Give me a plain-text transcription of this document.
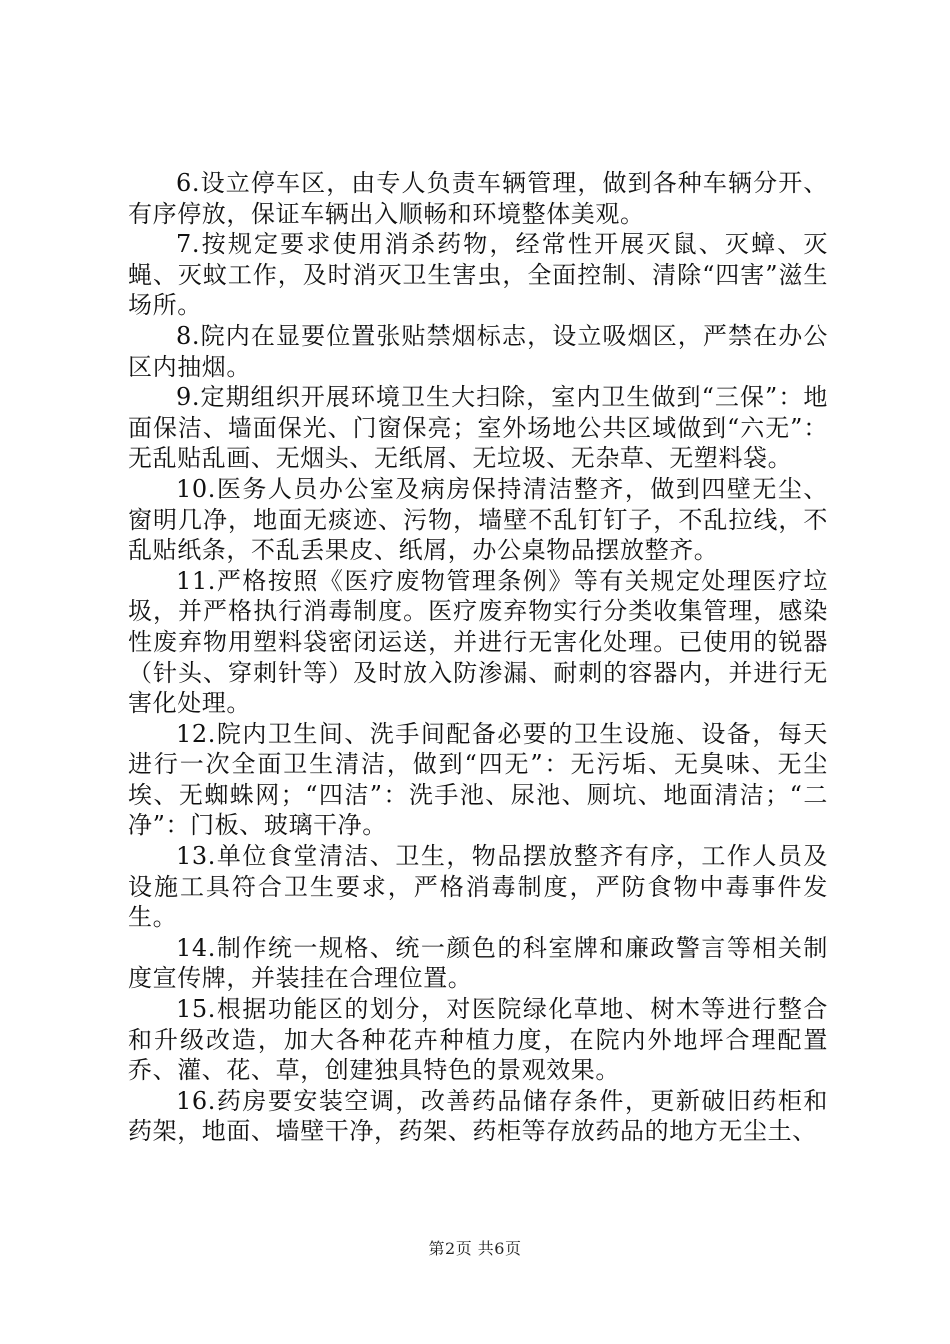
6.设立停车区，由专人负责车辆管理，做到各种车辆分开、有序停放，保证车辆出入顺畅和环境整体美观。

7.按规定要求使用消杀药物，经常性开展灭鼠、灭蟑、灭蝇、灭蚊工作，及时消灭卫生害虫，全面控制、清除“四害”滋生场所。

8.院内在显要位置张贴禁烟标志，设立吸烟区，严禁在办公区内抽烟。

9.定期组织开展环境卫生大扫除，室内卫生做到“三保”：地面保洁、墙面保光、门窗保亮；室外场地公共区域做到“六无”：无乱贴乱画、无烟头、无纸屑、无垃圾、无杂草、无塑料袋。

10.医务人员办公室及病房保持清洁整齐，做到四壁无尘、窗明几净，地面无痰迹、污物，墙壁不乱钉钉子，不乱拉线，不乱贴纸条，不乱丢果皮、纸屑，办公桌物品摆放整齐。

11.严格按照《医疗废物管理条例》等有关规定处理医疗垃圾，并严格执行消毒制度。医疗废弃物实行分类收集管理，感染性废弃物用塑料袋密闭运送，并进行无害化处理。已使用的锐器（针头、穿刺针等）及时放入防渗漏、耐刺的容器内，并进行无害化处理。

12.院内卫生间、洗手间配备必要的卫生设施、设备，每天进行一次全面卫生清洁，做到“四无”：无污垢、无臭味、无尘埃、无蜘蛛网；“四洁”：洗手池、尿池、厕坑、地面清洁；“二净”：门板、玻璃干净。

13.单位食堂清洁、卫生，物品摆放整齐有序，工作人员及设施工具符合卫生要求，严格消毒制度，严防食物中毒事件发生。

14.制作统一规格、统一颜色的科室牌和廉政警言等相关制度宣传牌，并装挂在合理位置。

15.根据功能区的划分，对医院绿化草地、树木等进行整合和升级改造，加大各种花卉种植力度，在院内外地坪合理配置乔、灌、花、草，创建独具特色的景观效果。

16.药房要安装空调，改善药品储存条件，更新破旧药柜和药架，地面、墙壁干净，药架、药柜等存放药品的地方无尘土、

第2页 共6页
